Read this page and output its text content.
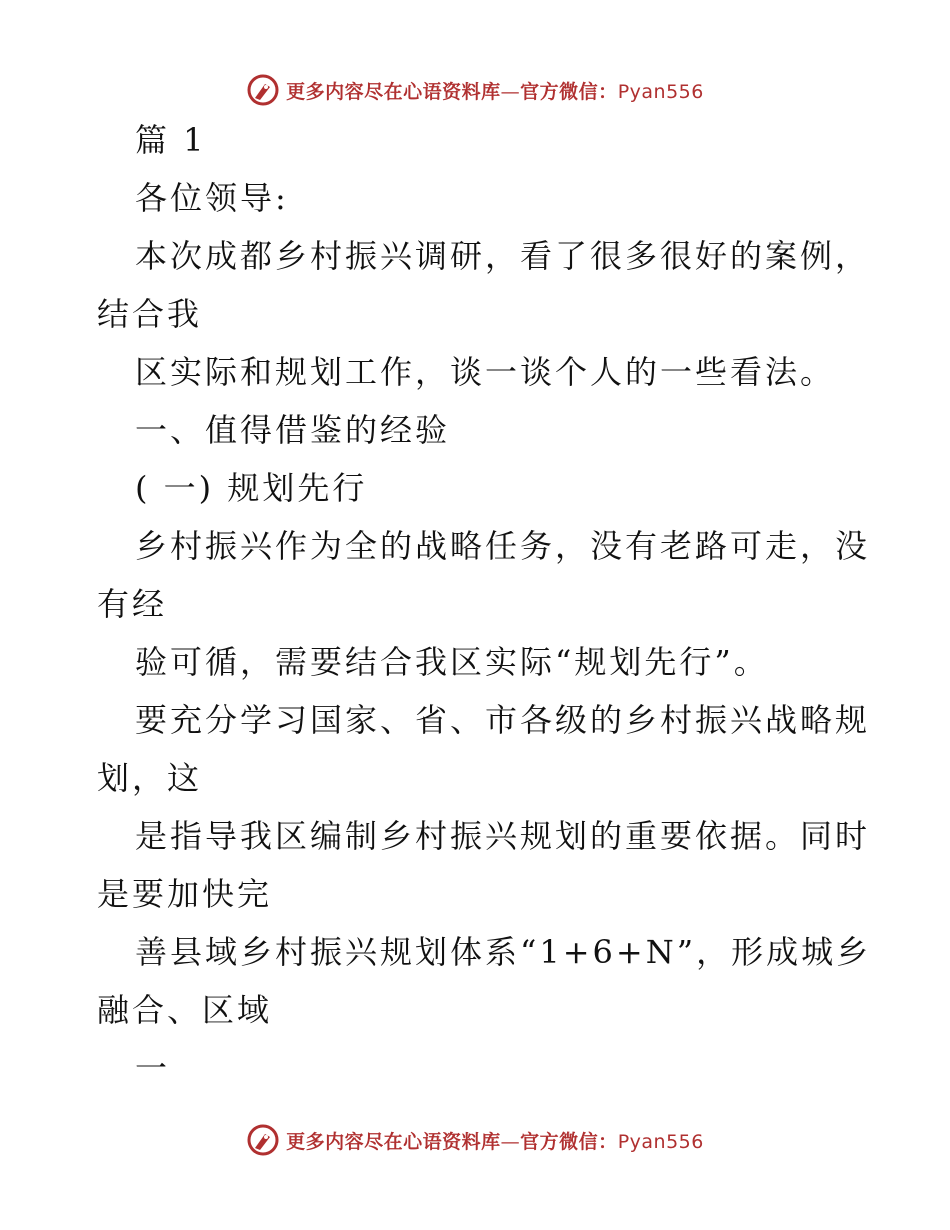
更多内容尽在心语资料库—官方微信：Pyan556
篇 1
各位领导:
本次成都乡村振兴调研，看了很多很好的案例，
结合我
区实际和规划工作，谈一谈个人的一些看法。
一、值得借鉴的经验
( 一) 规划先行
乡村振兴作为全的战略任务，没有老路可走，没
有经
验可循，需要结合我区实际“规划先行”。
要充分学习国家、省、市各级的乡村振兴战略规
划，这
是指导我区编制乡村振兴规划的重要依据。同时
是要加快完
善县域乡村振兴规划体系“1+6+N”，形成城乡
融合、区域
一
更多内容尽在心语资料库—官方微信：Pyan556
